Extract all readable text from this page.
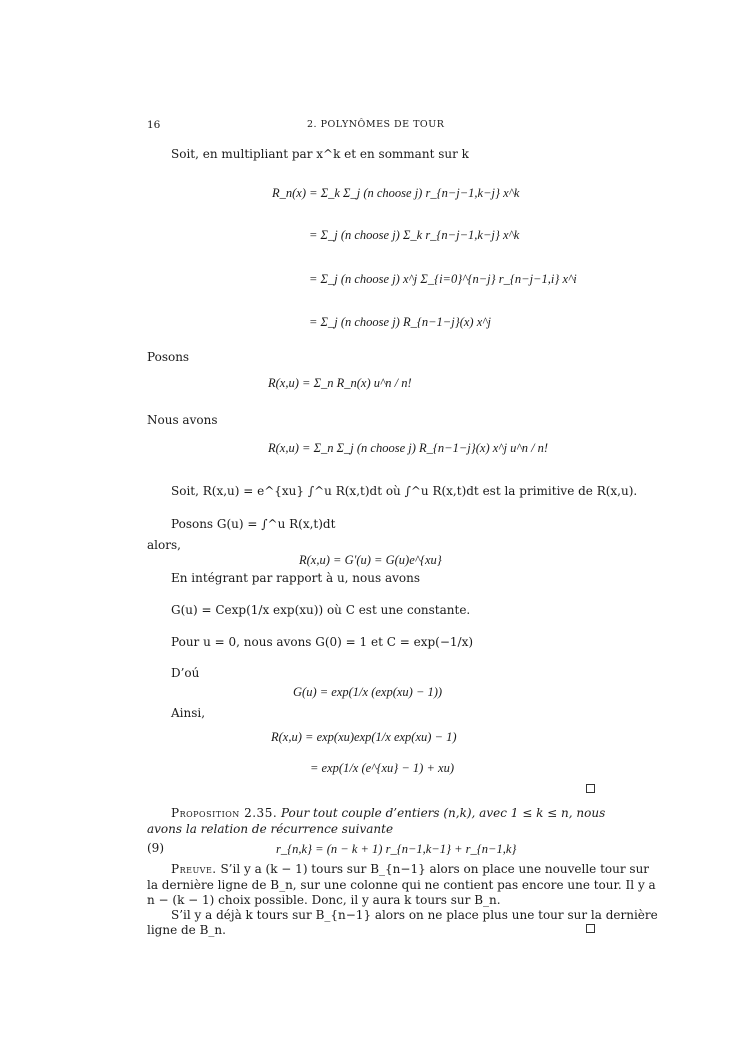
16	2. POLYNÔMES DE TOUR
Soit, en multipliant par x^k et en sommant sur k
R_n(x) = Σ_k Σ_j (n choose j) r_{n−j−1,k−j} x^k
= Σ_j (n choose j) Σ_k r_{n−j−1,k−j} x^k
= Σ_j (n choose j) x^j Σ_{i=0}^{n−j} r_{n−j−1,i} x^i
= Σ_j (n choose j) R_{n−1−j}(x) x^j
Posons
R(x,u) = Σ_n R_n(x) u^n / n!
Nous avons
R(x,u) = Σ_n Σ_j (n choose j) R_{n−1−j}(x) x^j u^n / n!
Soit, R(x,u) = e^{xu} ∫^u R(x,t)dt où ∫^u R(x,t)dt est la primitive de R(x,u).
Posons G(u) = ∫^u R(x,t)dt
alors,
R(x,u) = G′(u) = G(u)e^{xu}
En intégrant par rapport à u, nous avons
G(u) = Cexp(1/x exp(xu)) où C est une constante.
Pour u = 0, nous avons G(0) = 1 et C = exp(−1/x)
D’oú
G(u) = exp(1/x (exp(xu) − 1))
Ainsi,
R(x,u) = exp(xu)exp(1/x exp(xu) − 1)
= exp(1/x (e^{xu} − 1) + xu)
Proposition 2.35. Pour tout couple d’entiers (n,k), avec 1 ≤ k ≤ n, nous
avons la relation de récurrence suivante
(9)	r_{n,k} = (n − k + 1) r_{n−1,k−1} + r_{n−1,k}
Preuve. S’il y a (k − 1) tours sur B_{n−1} alors on place une nouvelle tour sur
la dernière ligne de B_n, sur une colonne qui ne contient pas encore une tour. Il y a
n − (k − 1) choix possible. Donc, il y aura k tours sur B_n.
S’il y a déjà k tours sur B_{n−1} alors on ne place plus une tour sur la dernière
ligne de B_n.
